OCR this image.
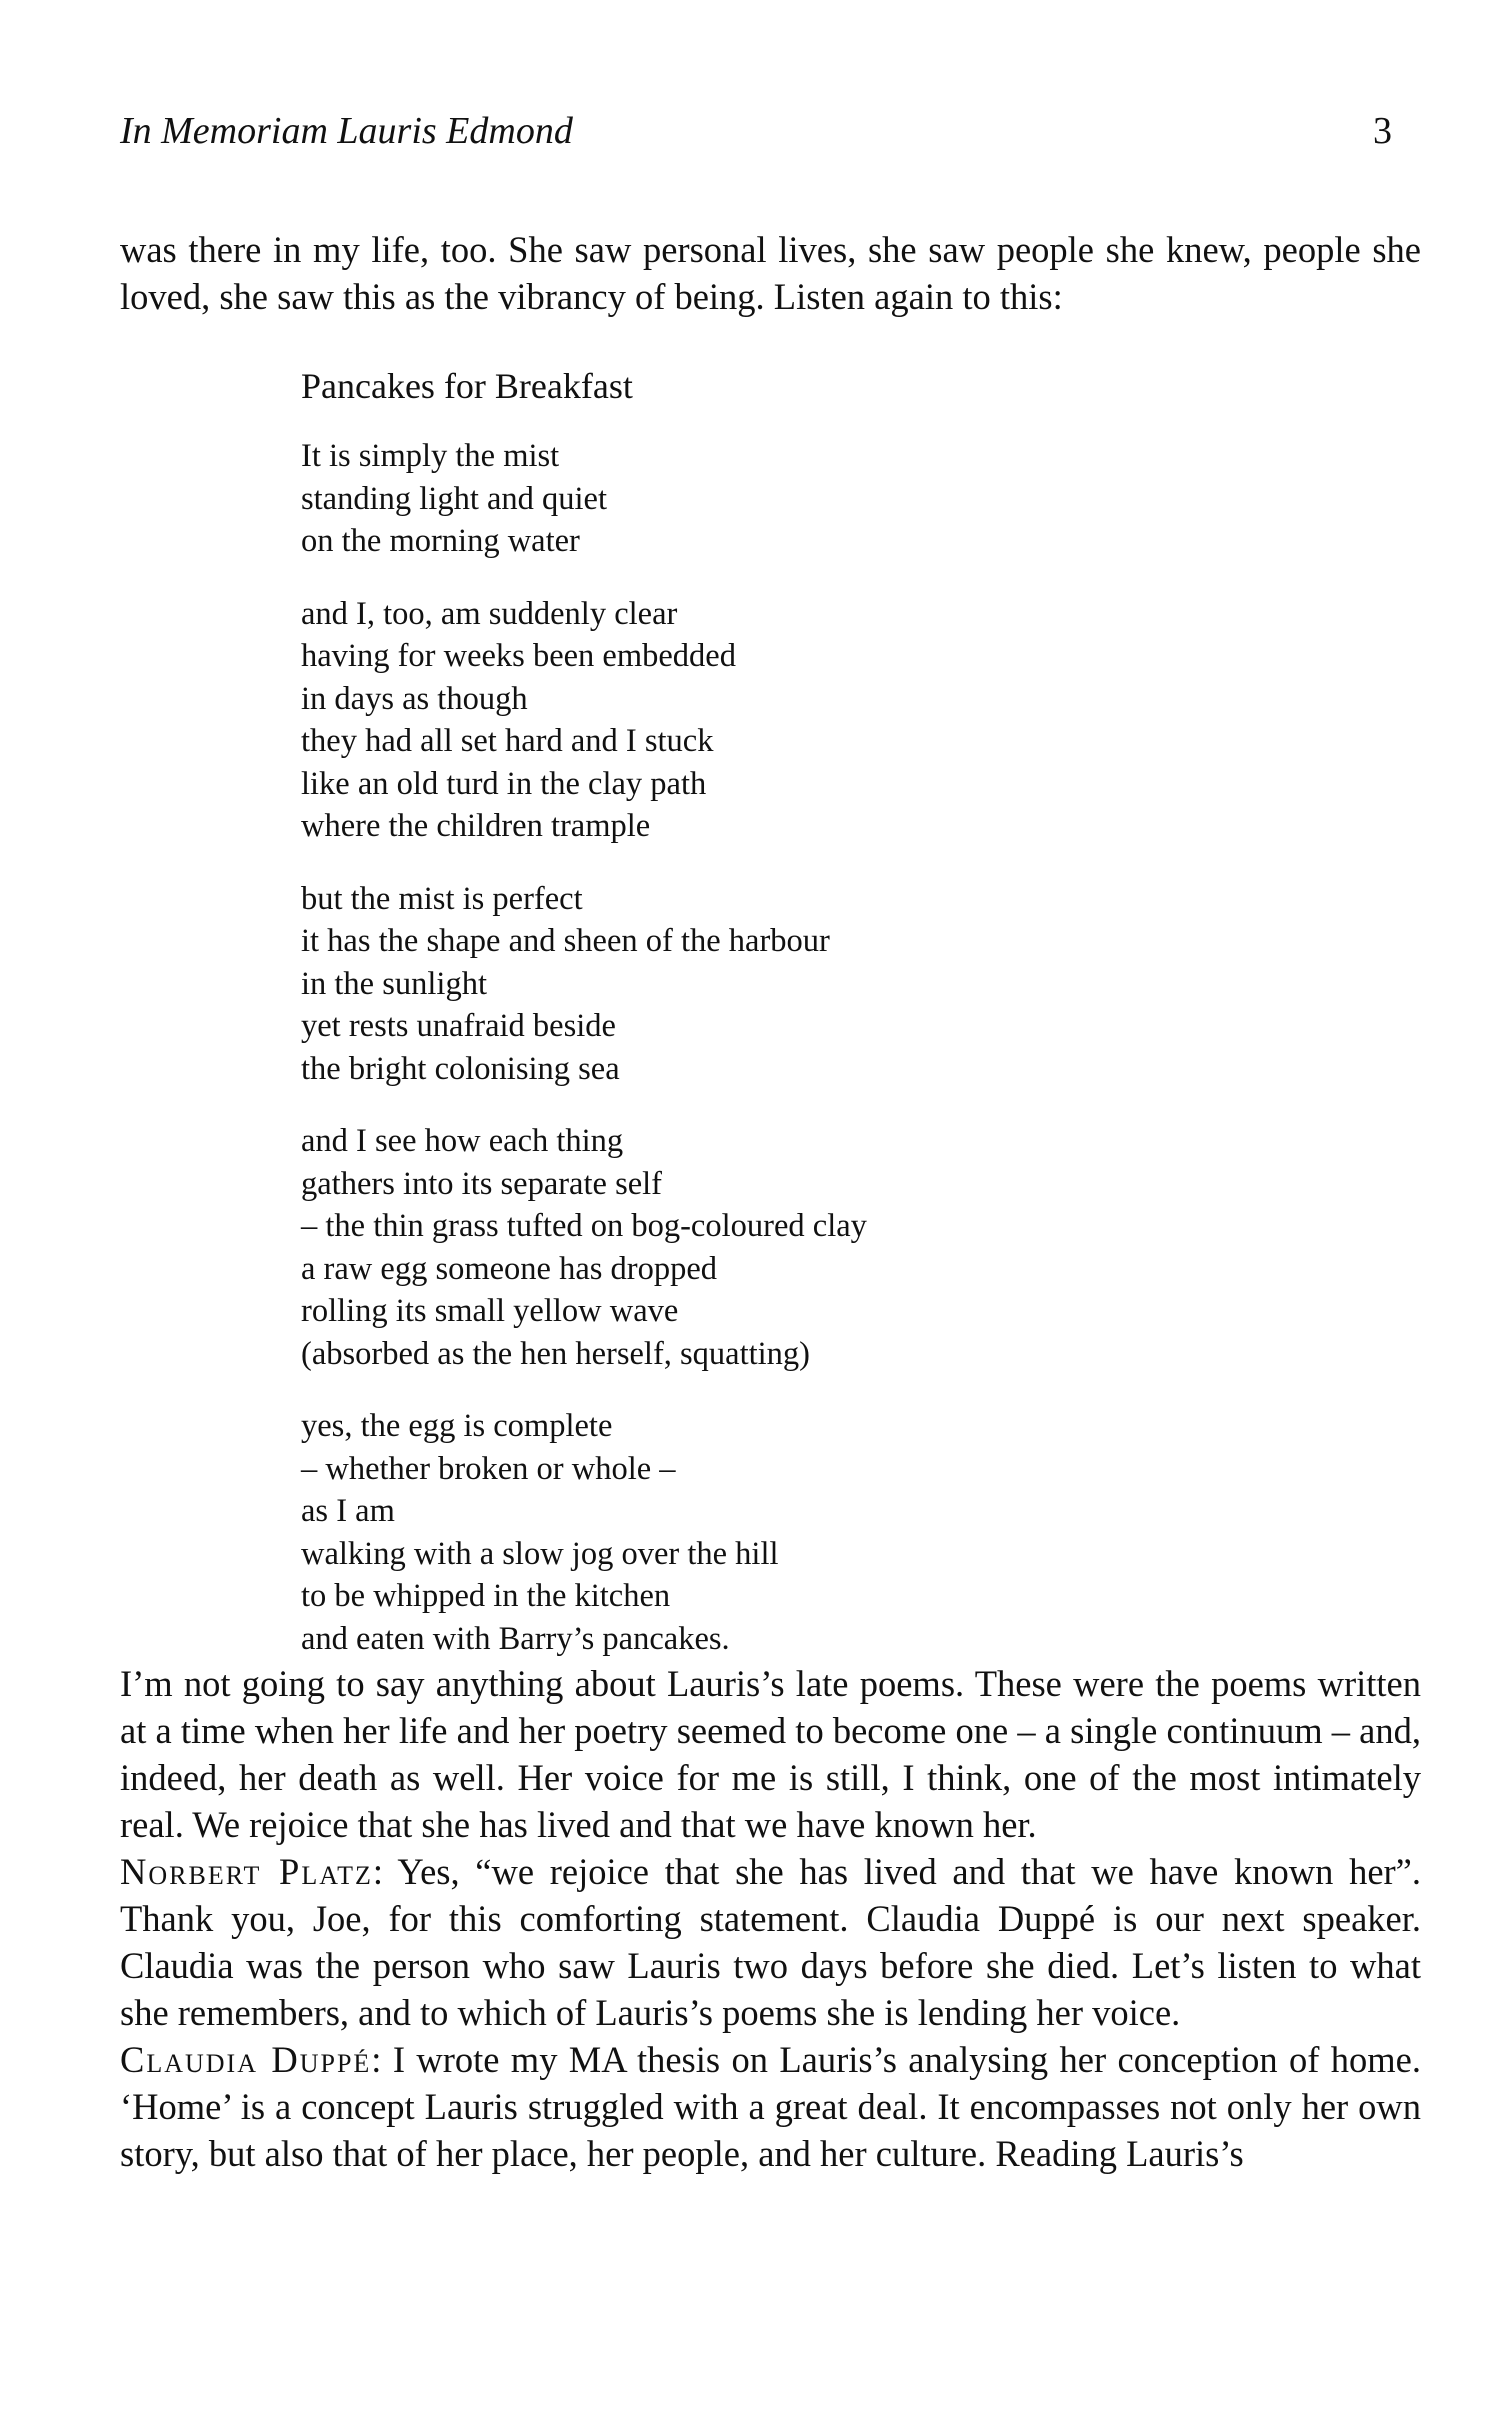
In Memoriam Lauris Edmond	3

was there in my life, too. She saw personal lives, she saw people she knew, people she loved, she saw this as the vibrancy of being. Listen again to this:

Pancakes for Breakfast
It is simply the mist
standing light and quiet
on the morning water
and I, too, am suddenly clear
having for weeks been embedded
in days as though
they had all set hard and I stuck
like an old turd in the clay path
where the children trample
but the mist is perfect
it has the shape and sheen of the harbour
in the sunlight
yet rests unafraid beside
the bright colonising sea
and I see how each thing
gathers into its separate self
– the thin grass tufted on bog-coloured clay
a raw egg someone has dropped
rolling its small yellow wave
(absorbed as the hen herself, squatting)
yes, the egg is complete
– whether broken or whole –
as I am
walking with a slow jog over the hill
to be whipped in the kitchen
and eaten with Barry’s pancakes.

I’m not going to say anything about Lauris’s late poems. These were the poems written at a time when her life and her poetry seemed to become one – a single continuum – and, indeed, her death as well. Her voice for me is still, I think, one of the most intimately real. We rejoice that she has lived and that we have known her.

Norbert Platz: Yes, “we rejoice that she has lived and that we have known her”. Thank you, Joe, for this comforting statement. Claudia Duppé is our next speaker. Claudia was the person who saw Lauris two days before she died. Let’s listen to what she remembers, and to which of Lauris’s poems she is lending her voice.

Claudia Duppé: I wrote my MA thesis on Lauris’s analysing her conception of home. ‘Home’ is a concept Lauris struggled with a great deal. It encompasses not only her own story, but also that of her place, her people, and her culture. Reading Lauris’s
